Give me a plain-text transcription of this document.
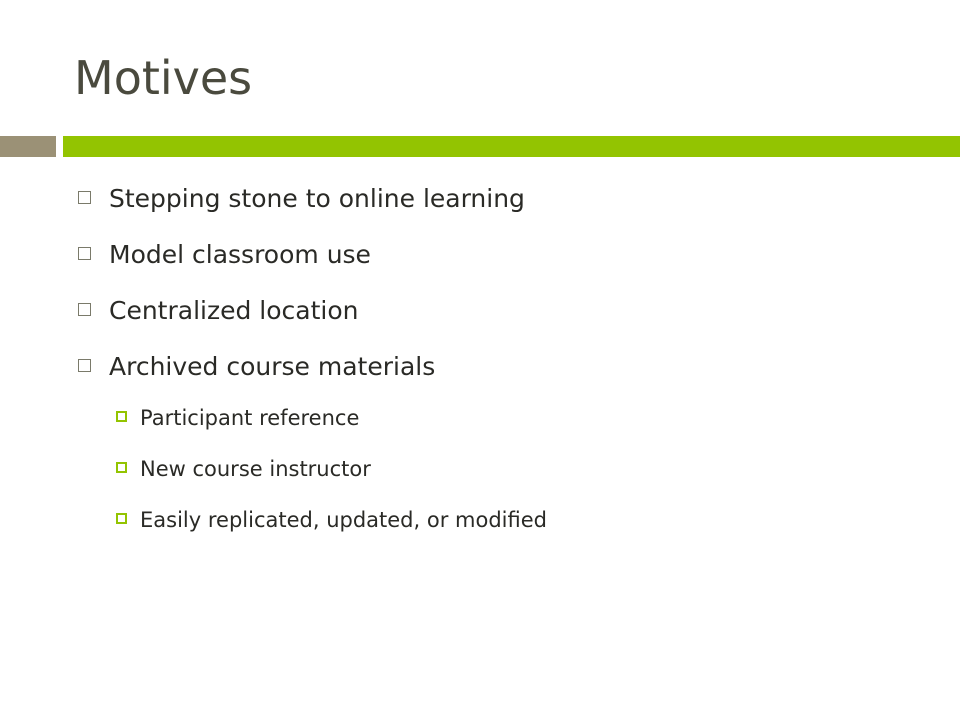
Motives
Stepping stone to online learning
Model classroom use
Centralized location
Archived course materials
Participant reference
New course instructor
Easily replicated, updated, or modified
